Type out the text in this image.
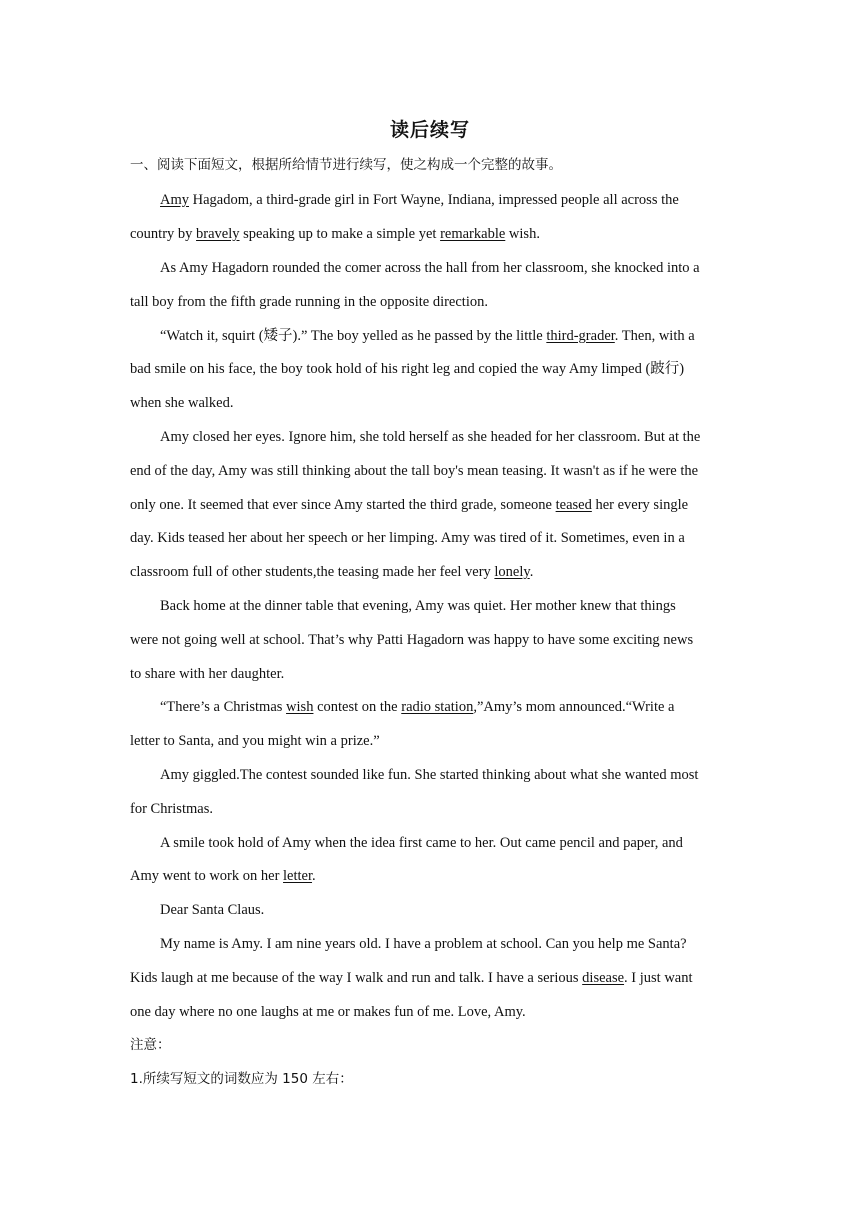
读后续写
一、阅读下面短文，根据所给情节进行续写，使之构成一个完整的故事。
Amy Hagadom, a third-grade girl in Fort Wayne, Indiana, impressed people all across the
country by bravely speaking up to make a simple yet remarkable wish.
As Amy Hagadorn rounded the comer across the hall from her classroom, she knocked into a
tall boy from the fifth grade running in the opposite direction.
“Watch it, squirt (矮子).” The boy yelled as he passed by the little third-grader. Then, with a
bad smile on his face, the boy took hold of his right leg and copied the way Amy limped (跛行)
when she walked.
Amy closed her eyes. Ignore him, she told herself as she headed for her classroom. But at the
end of the day, Amy was still thinking about the tall boy's mean teasing. It wasn't as if he were the
only one. It seemed that ever since Amy started the third grade, someone teased her every single
day. Kids teased her about her speech or her limping. Amy was tired of it. Sometimes, even in a
classroom full of other students,the teasing made her feel very lonely.
Back home at the dinner table that evening, Amy was quiet. Her mother knew that things
were not going well at school. That’s why Patti Hagadorn was happy to have some exciting news
to share with her daughter.
“There’s a Christmas wish contest on the radio station,”Amy’s mom announced.“Write a
letter to Santa, and you might win a prize.”
Amy giggled.The contest sounded like fun. She started thinking about what she wanted most
for Christmas.
A smile took hold of Amy when the idea first came to her. Out came pencil and paper, and
Amy went to work on her letter.
Dear Santa Claus.
My name is Amy. I am nine years old. I have a problem at school. Can you help me Santa?
Kids laugh at me because of the way I walk and run and talk. I have a serious disease. I just want
one day where no one laughs at me or makes fun of me. Love, Amy.
注意：
1.所续写短文的词数应为 150 左右：
